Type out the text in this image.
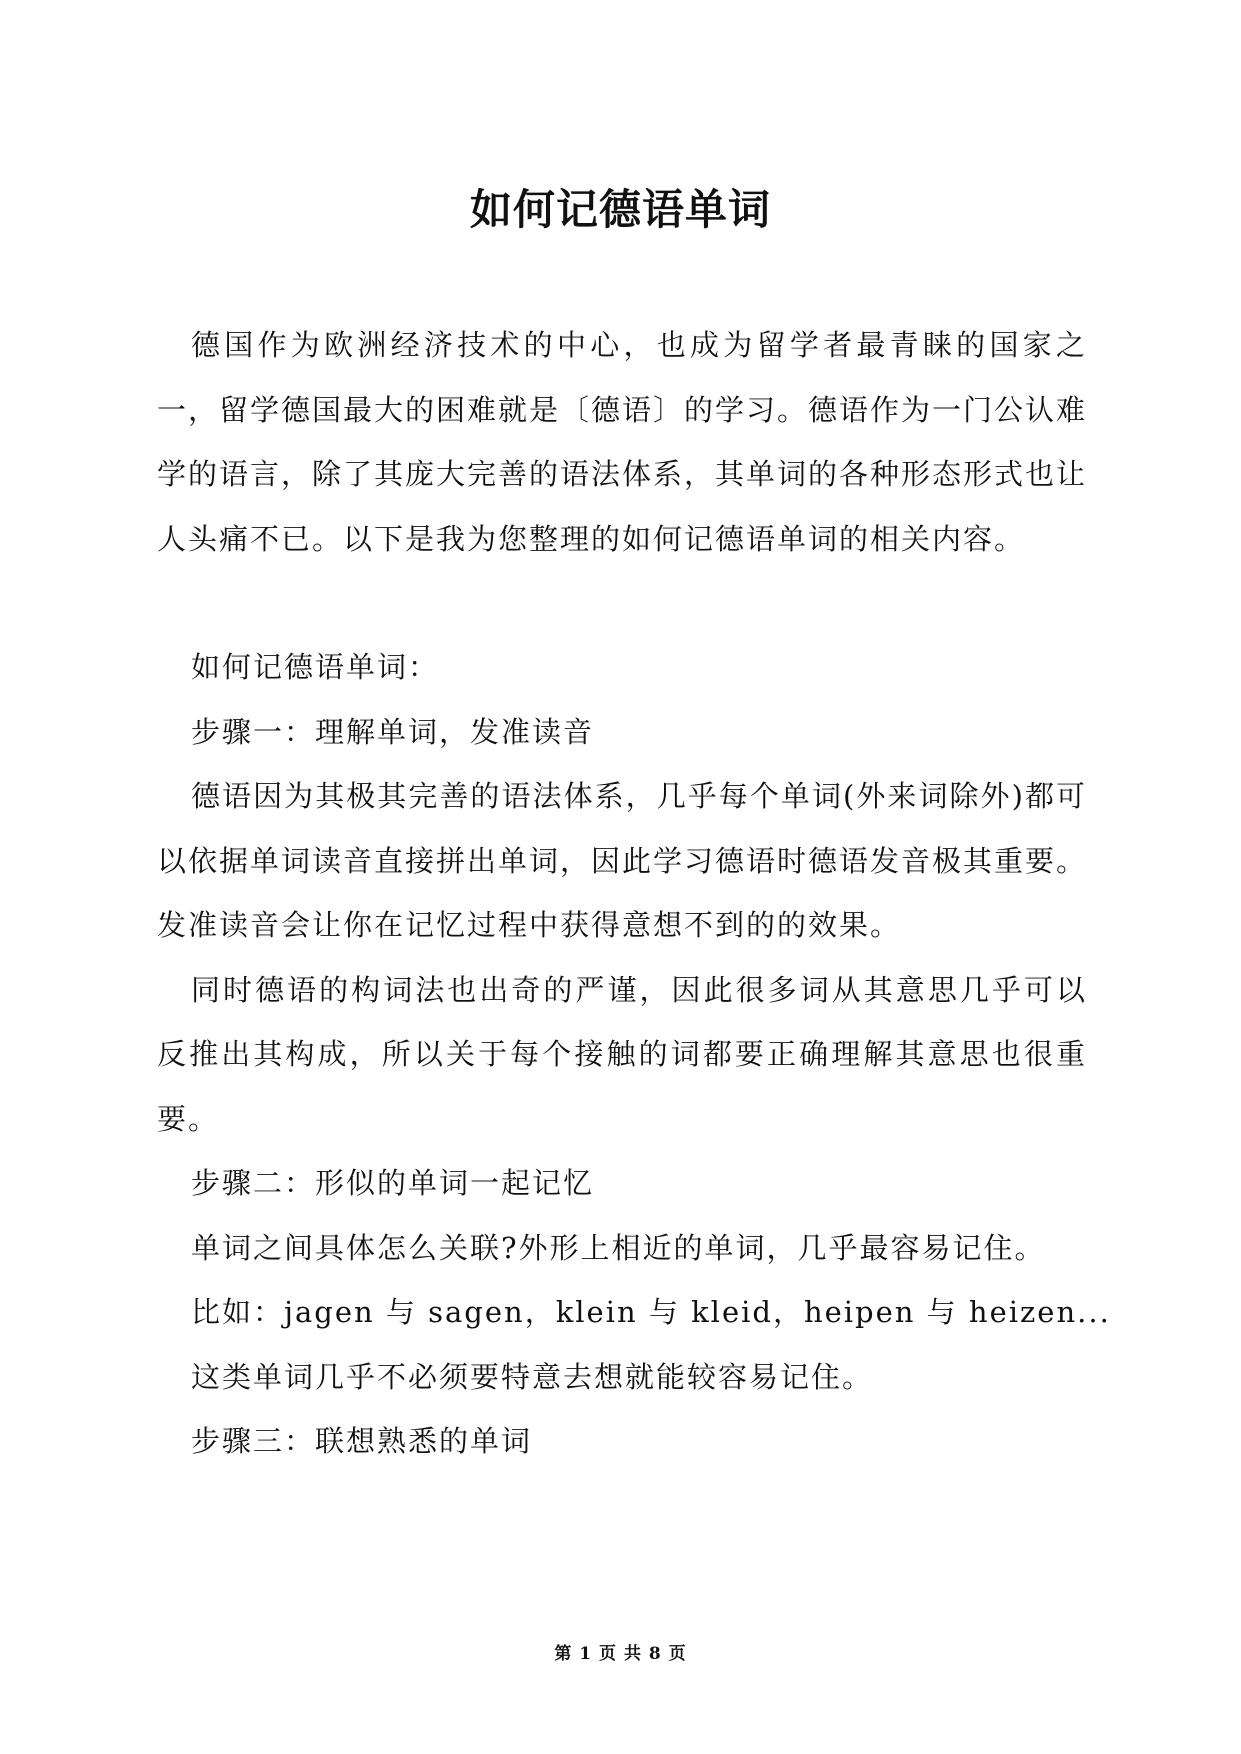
如何记德语单词

德国作为欧洲经济技术的中心，也成为留学者最青睐的国家之一，留学德国最大的困难就是〔德语〕的学习。德语作为一门公认难学的语言，除了其庞大完善的语法体系，其单词的各种形态形式也让人头痛不已。以下是我为您整理的如何记德语单词的相关内容。

如何记德语单词：

步骤一：理解单词，发准读音

德语因为其极其完善的语法体系，几乎每个单词(外来词除外)都可以依据单词读音直接拼出单词，因此学习德语时德语发音极其重要。发准读音会让你在记忆过程中获得意想不到的的效果。

同时德语的构词法也出奇的严谨，因此很多词从其意思几乎可以反推出其构成，所以关于每个接触的词都要正确理解其意思也很重要。

步骤二：形似的单词一起记忆

单词之间具体怎么关联?外形上相近的单词，几乎最容易记住。

比如：jagen 与 sagen，klein 与 kleid，heipen 与 heizen...

这类单词几乎不必须要特意去想就能较容易记住。

步骤三：联想熟悉的单词

第 1 页 共 8 页
